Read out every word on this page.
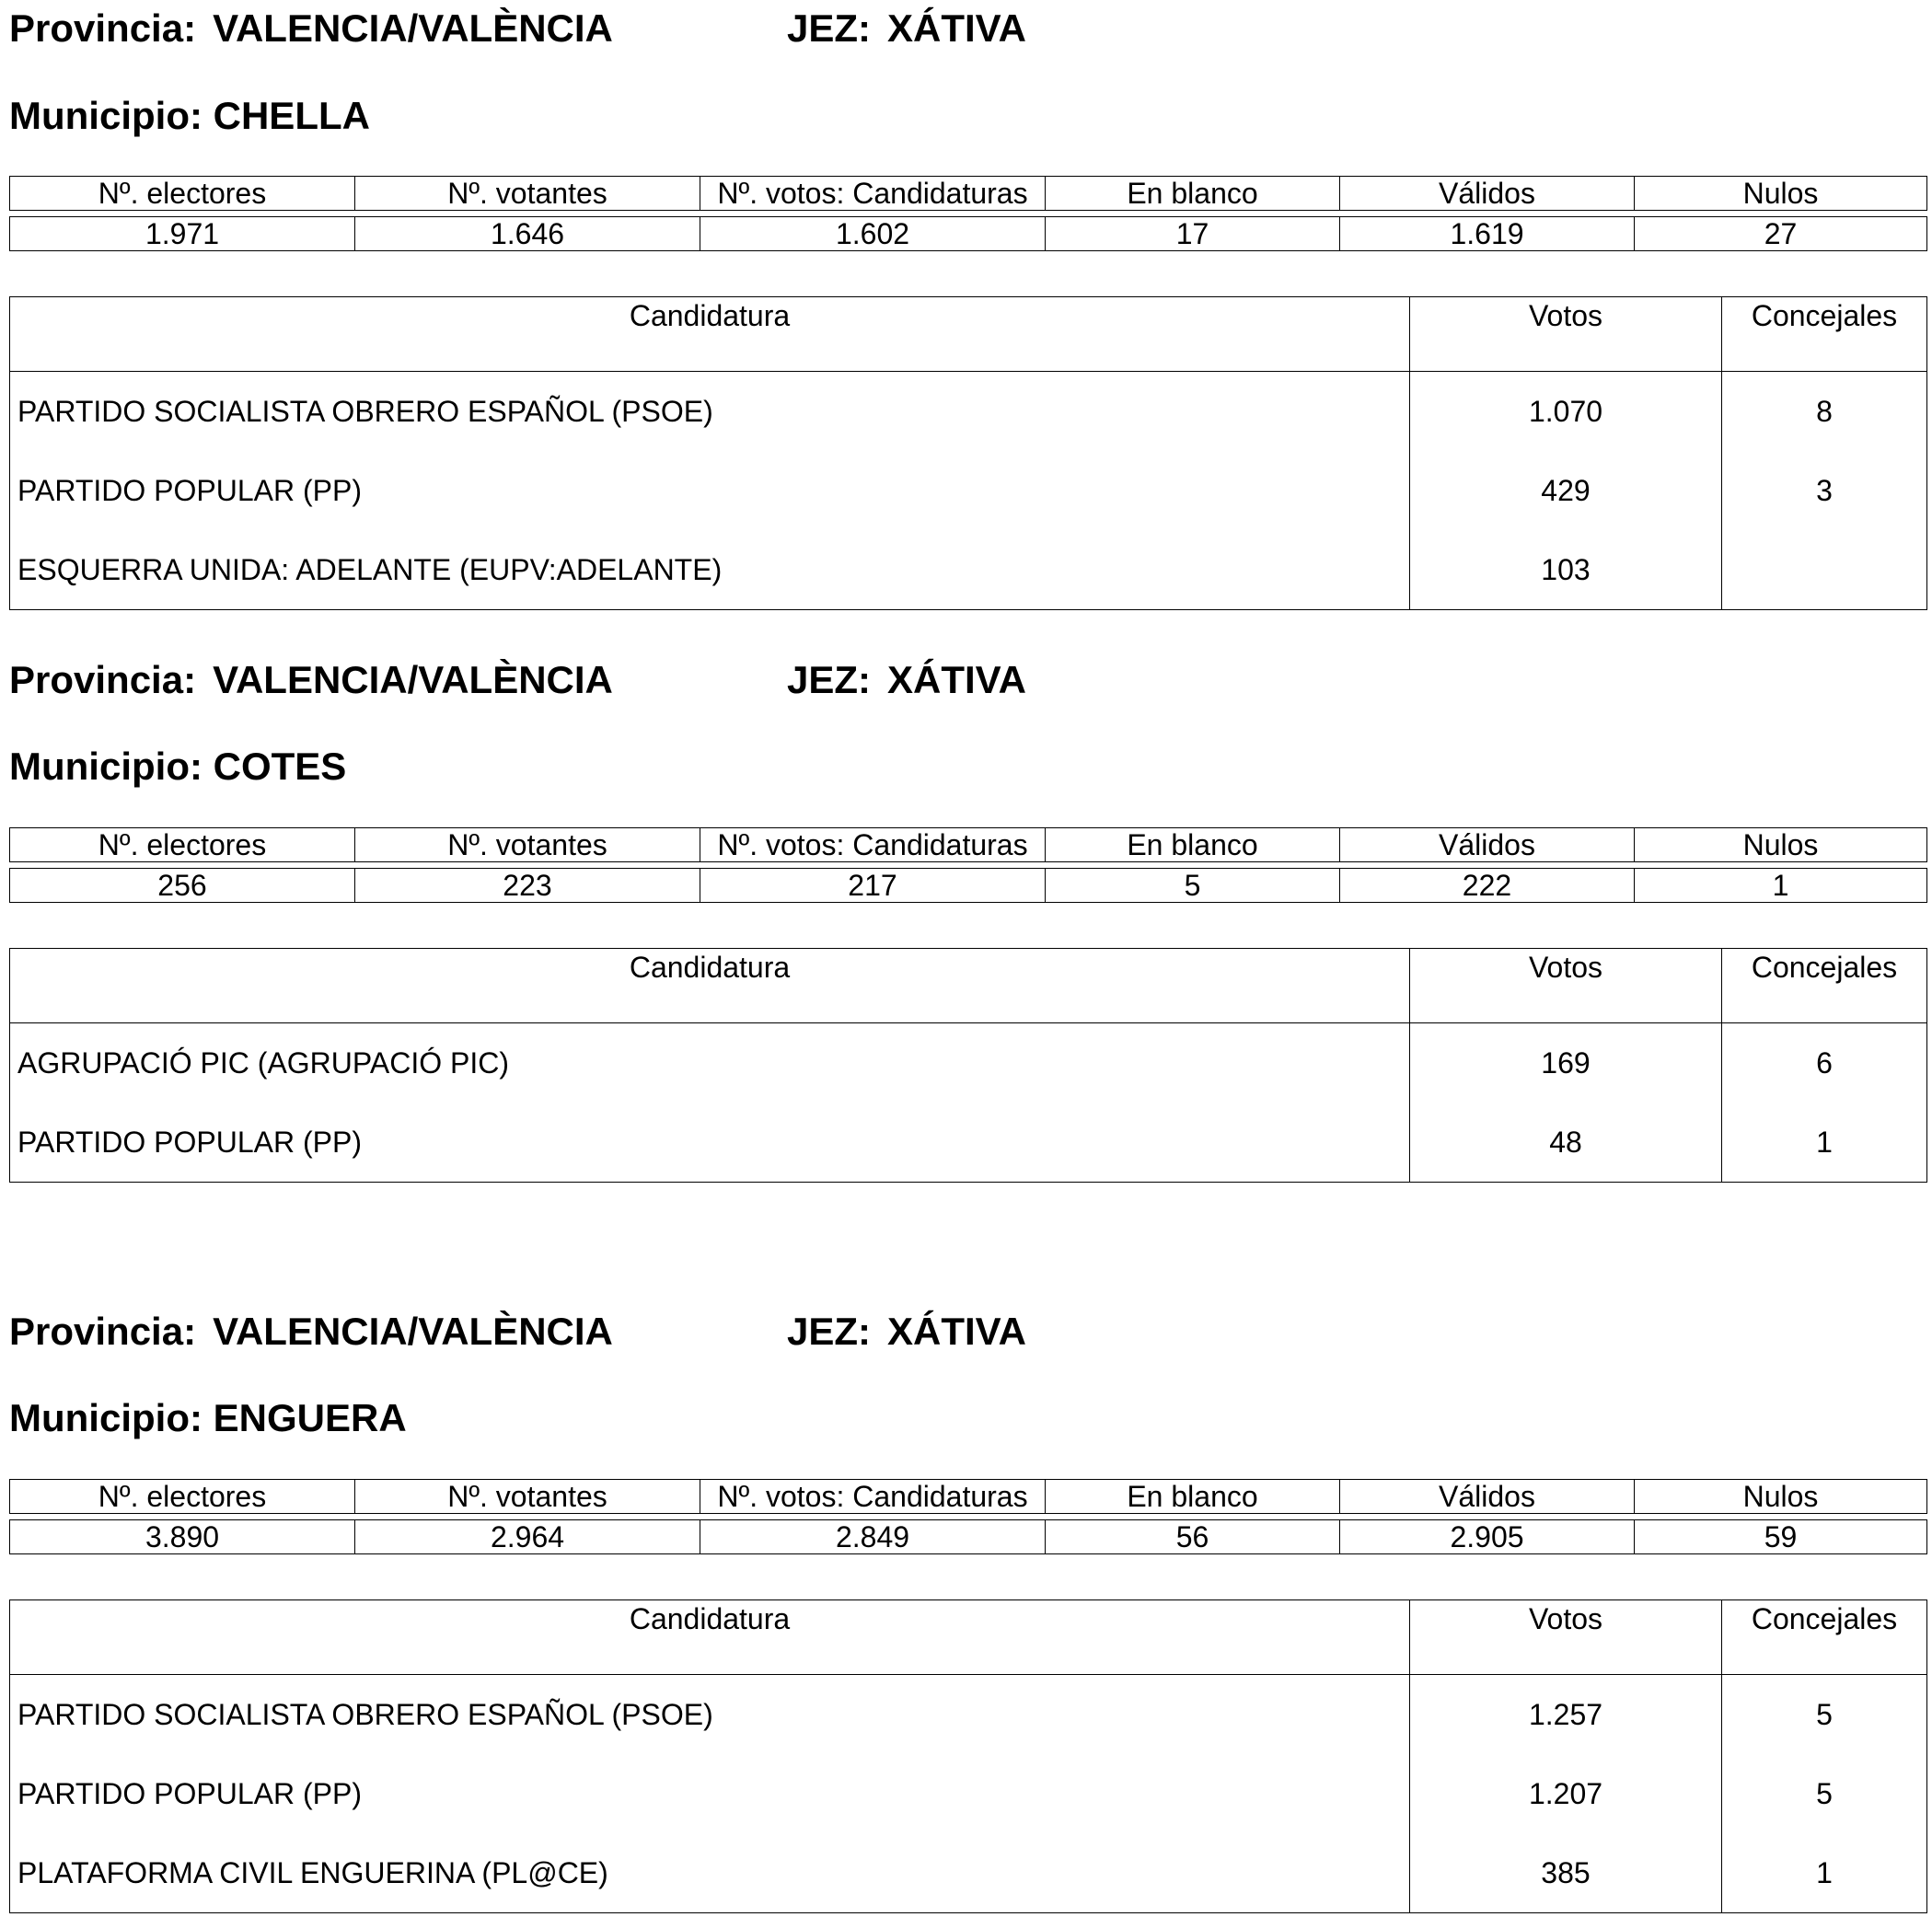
Provincia: VALENCIA/VALÈNCIA	JEZ: XÁTIVA
Municipio: CHELLA
Nº. electores	Nº. votantes	Nº. votos: Candidaturas	En blanco	Válidos	Nulos

1.971	1.646	1.602	17	1.619	27
Candidatura	Votos	Concejales
PARTIDO SOCIALISTA OBRERO ESPAÑOL (PSOE)	1.070	8
PARTIDO POPULAR (PP)	429	3
ESQUERRA UNIDA: ADELANTE (EUPV:ADELANTE)	103	
Provincia: VALENCIA/VALÈNCIA	JEZ: XÁTIVA
Municipio: COTES
Nº. electores	Nº. votantes	Nº. votos: Candidaturas	En blanco	Válidos	Nulos

256	223	217	5	222	1
Candidatura	Votos	Concejales
AGRUPACIÓ PIC (AGRUPACIÓ PIC)	169	6
PARTIDO POPULAR (PP)	48	1
Provincia: VALENCIA/VALÈNCIA	JEZ: XÁTIVA
Municipio: ENGUERA
Nº. electores	Nº. votantes	Nº. votos: Candidaturas	En blanco	Válidos	Nulos

3.890	2.964	2.849	56	2.905	59
Candidatura	Votos	Concejales
PARTIDO SOCIALISTA OBRERO ESPAÑOL (PSOE)	1.257	5
PARTIDO POPULAR (PP)	1.207	5
PLATAFORMA CIVIL ENGUERINA (PL@CE)	385	1
